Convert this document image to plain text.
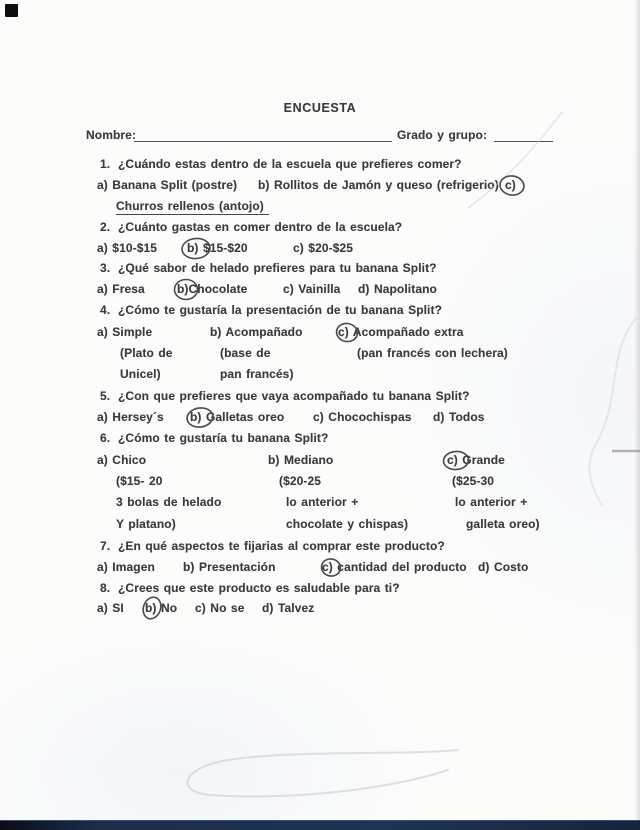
ENCUESTA
Nombre:	Grado y grupo:
1. ¿Cuándo estas dentro de la escuela que prefieres comer?
a) Banana Split (postre) b) Rollitos de Jamón y queso (refrigerio) c)
Churros rellenos (antojo)
2. ¿Cuánto gastas en comer dentro de la escuela?
a) $10-$15 b) $15-$20	c) $20-$25
3. ¿Qué sabor de helado prefieres para tu banana Split?
a) Fresa	b)Chocolate	c) Vainilla d) Napolitano
4. ¿Cómo te gustaría la presentación de tu banana Split?
a) Simple	b) Acompañado	c) Acompañado extra
(Plato de	(base de	(pan francés con lechera)
Unicel)	pan francés)
5. ¿Con que prefieres que vaya acompañado tu banana Split?
a) Hersey´s b) Galletas oreo c) Chocochispas d) Todos
6. ¿Cómo te gustaría tu banana Split?
a) Chico	b) Mediano	c) Grande
($15- 20	($20-25	($25-30
3 bolas de helado	lo anterior +	lo anterior +
Y platano)	chocolate y chispas)	galleta oreo)
7. ¿En qué aspectos te fijarias al comprar este producto?
a) Imagen b) Presentación	c) cantidad del producto d) Costo
8. ¿Crees que este producto es saludable para ti?
a) SI b) No c) No se d) Talvez
